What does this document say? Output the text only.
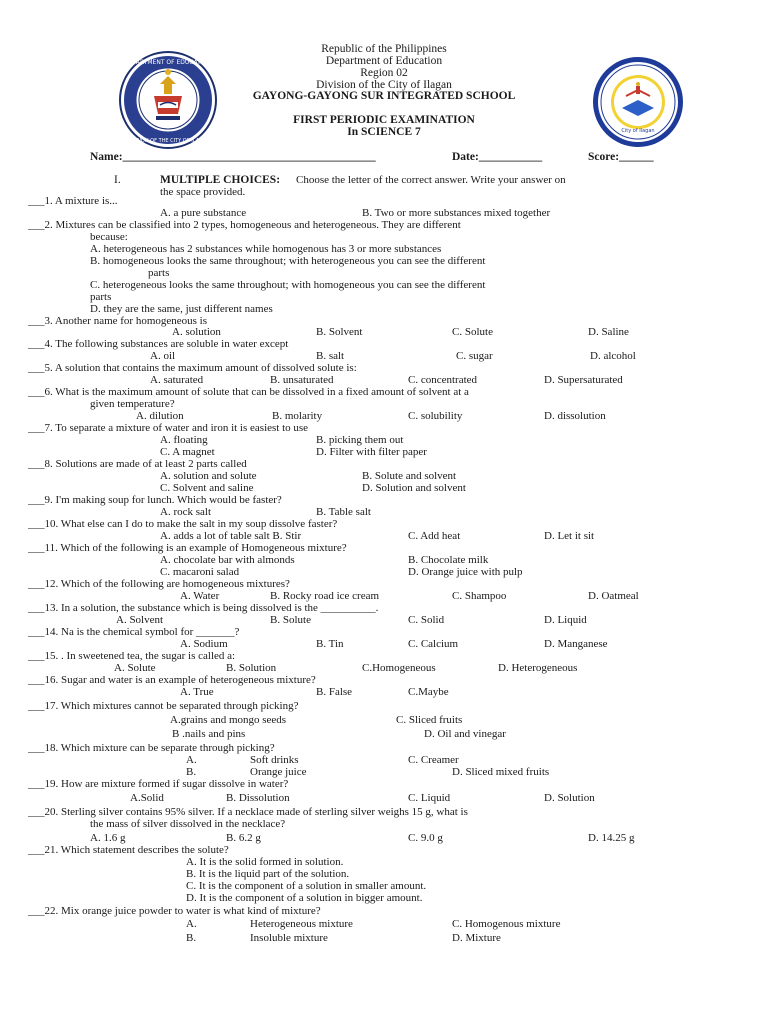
DEPARTMENT OF EDUCATION
DIVISION OF THE CITY OF ILAGAN
City of Ilagan
Republic of the Philippines
Department of Education
Region 02
Division of the City of Ilagan
GAYONG-GAYONG SUR INTEGRATED SCHOOL
FIRST PERIODIC EXAMINATION
In SCIENCE 7
Name:____________________________________________	Date:___________	Score:______
I.	MULTIPLE CHOICES: Choose the letter of the correct answer. Write your answer on
the space provided.
___1. A mixture is...
A. a pure substance	B. Two or more substances mixed together
___2. Mixtures can be classified into 2 types, homogeneous and heterogeneous. They are different
because:
A. heterogeneous has 2 substances while homogenous has 3 or more substances
B. homogeneous looks the same throughout; with heterogeneous you can see the different
parts
C. heterogeneous looks the same throughout; with homogeneous you can see the different
parts
D. they are the same, just different names
___3. Another name for homogeneous is
A. solution	B. Solvent	C. Solute	D. Saline
___4. The following substances are soluble in water except
A. oil	B. salt	C. sugar	D. alcohol
___5. A solution that contains the maximum amount of dissolved solute is:
A. saturated	B. unsaturated	C. concentrated	D. Supersaturated
___6. What is the maximum amount of solute that can be dissolved in a fixed amount of solvent at a
given temperature?
A. dilution	B. molarity	C. solubility	D. dissolution
___7. To separate a mixture of water and iron it is easiest to use
A. floating	B. picking them out
C. A magnet	D. Filter with filter paper
___8. Solutions are made of at least 2 parts called
A. solution and solute	B. Solute and solvent
C. Solvent and saline	D. Solution and solvent
___9. I'm making soup for lunch. Which would be faster?
A. rock salt	B. Table salt
___10. What else can I do to make the salt in my soup dissolve faster?
A. adds a lot of table salt B. Stir	C. Add heat	D. Let it sit
___11. Which of the following is an example of Homogeneous mixture?
A. chocolate bar with almonds	B. Chocolate milk
C. macaroni salad	D. Orange juice with pulp
___12. Which of the following are homogeneous mixtures?
A. Water	B. Rocky road ice cream	C. Shampoo	D. Oatmeal
___13. In a solution, the substance which is being dissolved is the __________.
A. Solvent	B. Solute	C. Solid	D. Liquid
___14. Na is the chemical symbol for _______?
A. Sodium	B. Tin	C. Calcium	D. Manganese
___15. . In sweetened tea, the sugar is called a:
A. Solute	B. Solution	C.Homogeneous	D. Heterogeneous
___16. Sugar and water is an example of heterogeneous mixture?
A. True	B. False	C.Maybe
___17. Which mixtures cannot be separated through picking?
A.grains and mongo seeds	C. Sliced fruits
B .nails and pins	D. Oil and vinegar
___18. Which mixture can be separate through picking?
A.	Soft drinks	C. Creamer
B.	Orange juice	D. Sliced mixed fruits
___19. How are mixture formed if sugar dissolve in water?
A.Solid	B. Dissolution	C. Liquid	D. Solution
___20. Sterling silver contains 95% silver. If a necklace made of sterling silver weighs 15 g, what is
the mass of silver dissolved in the necklace?
A. 1.6 g	B. 6.2 g	C. 9.0 g	D. 14.25 g
___21. Which statement describes the solute?
A. It is the solid formed in solution.
B. It is the liquid part of the solution.
C. It is the component of a solution in smaller amount.
D. It is the component of a solution in bigger amount.
___22. Mix orange juice powder to water is what kind of mixture?
A.	Heterogeneous mixture	C. Homogenous mixture
B.	Insoluble mixture	D. Mixture
